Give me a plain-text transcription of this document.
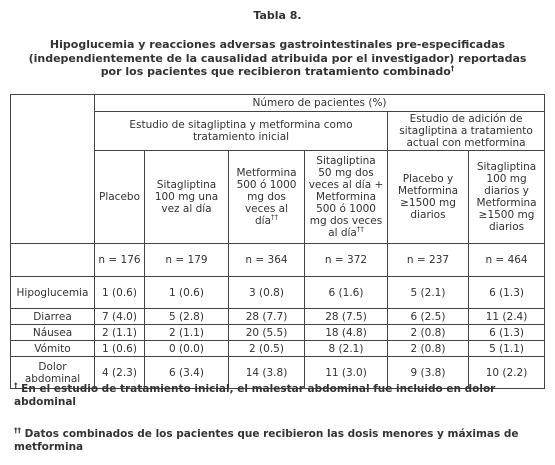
Tabla 8.
Hipoglucemia y reacciones adversas gastrointestinales pre-especificadas
(independientemente de la causalidad atribuida por el investigador) reportadas
por los pacientes que recibieron tratamiento combinado†
	Número de pacientes (%)					
	Estudio de sitagliptina y metformina como tratamiento inicial				Estudio de adición de sitagliptina a tratamiento actual con metformina	
	Placebo	Sitagliptina 100 mg una vez al día	Metformina 500 ó 1000 mg dos veces al día††	Sitagliptina 50 mg dos veces al día + Metformina 500 ó 1000 mg dos veces al día††	Placebo y Metformina ≥1500 mg diarios	Sitagliptina 100 mg diarios y Metformina ≥1500 mg diarios
	n = 176	n = 179	n = 364	n = 372	n = 237	n = 464
Hipoglucemia	1 (0.6)	1 (0.6)	3 (0.8)	6 (1.6)	5 (2.1)	6 (1.3)
Diarrea	7 (4.0)	5 (2.8)	28 (7.7)	28 (7.5)	6 (2.5)	11 (2.4)
Náusea	2 (1.1)	2 (1.1)	20 (5.5)	18 (4.8)	2 (0.8)	6 (1.3)
Vómito	1 (0.6)	0 (0.0)	2 (0.5)	8 (2.1)	2 (0.8)	5 (1.1)
Dolor abdominal	4 (2.3)	6 (3.4)	14 (3.8)	11 (3.0)	9 (3.8)	10 (2.2)
† En el estudio de tratamiento inicial, el malestar abdominal fue incluido en dolor abdominal
†† Datos combinados de los pacientes que recibieron las dosis menores y máximas de metformina
